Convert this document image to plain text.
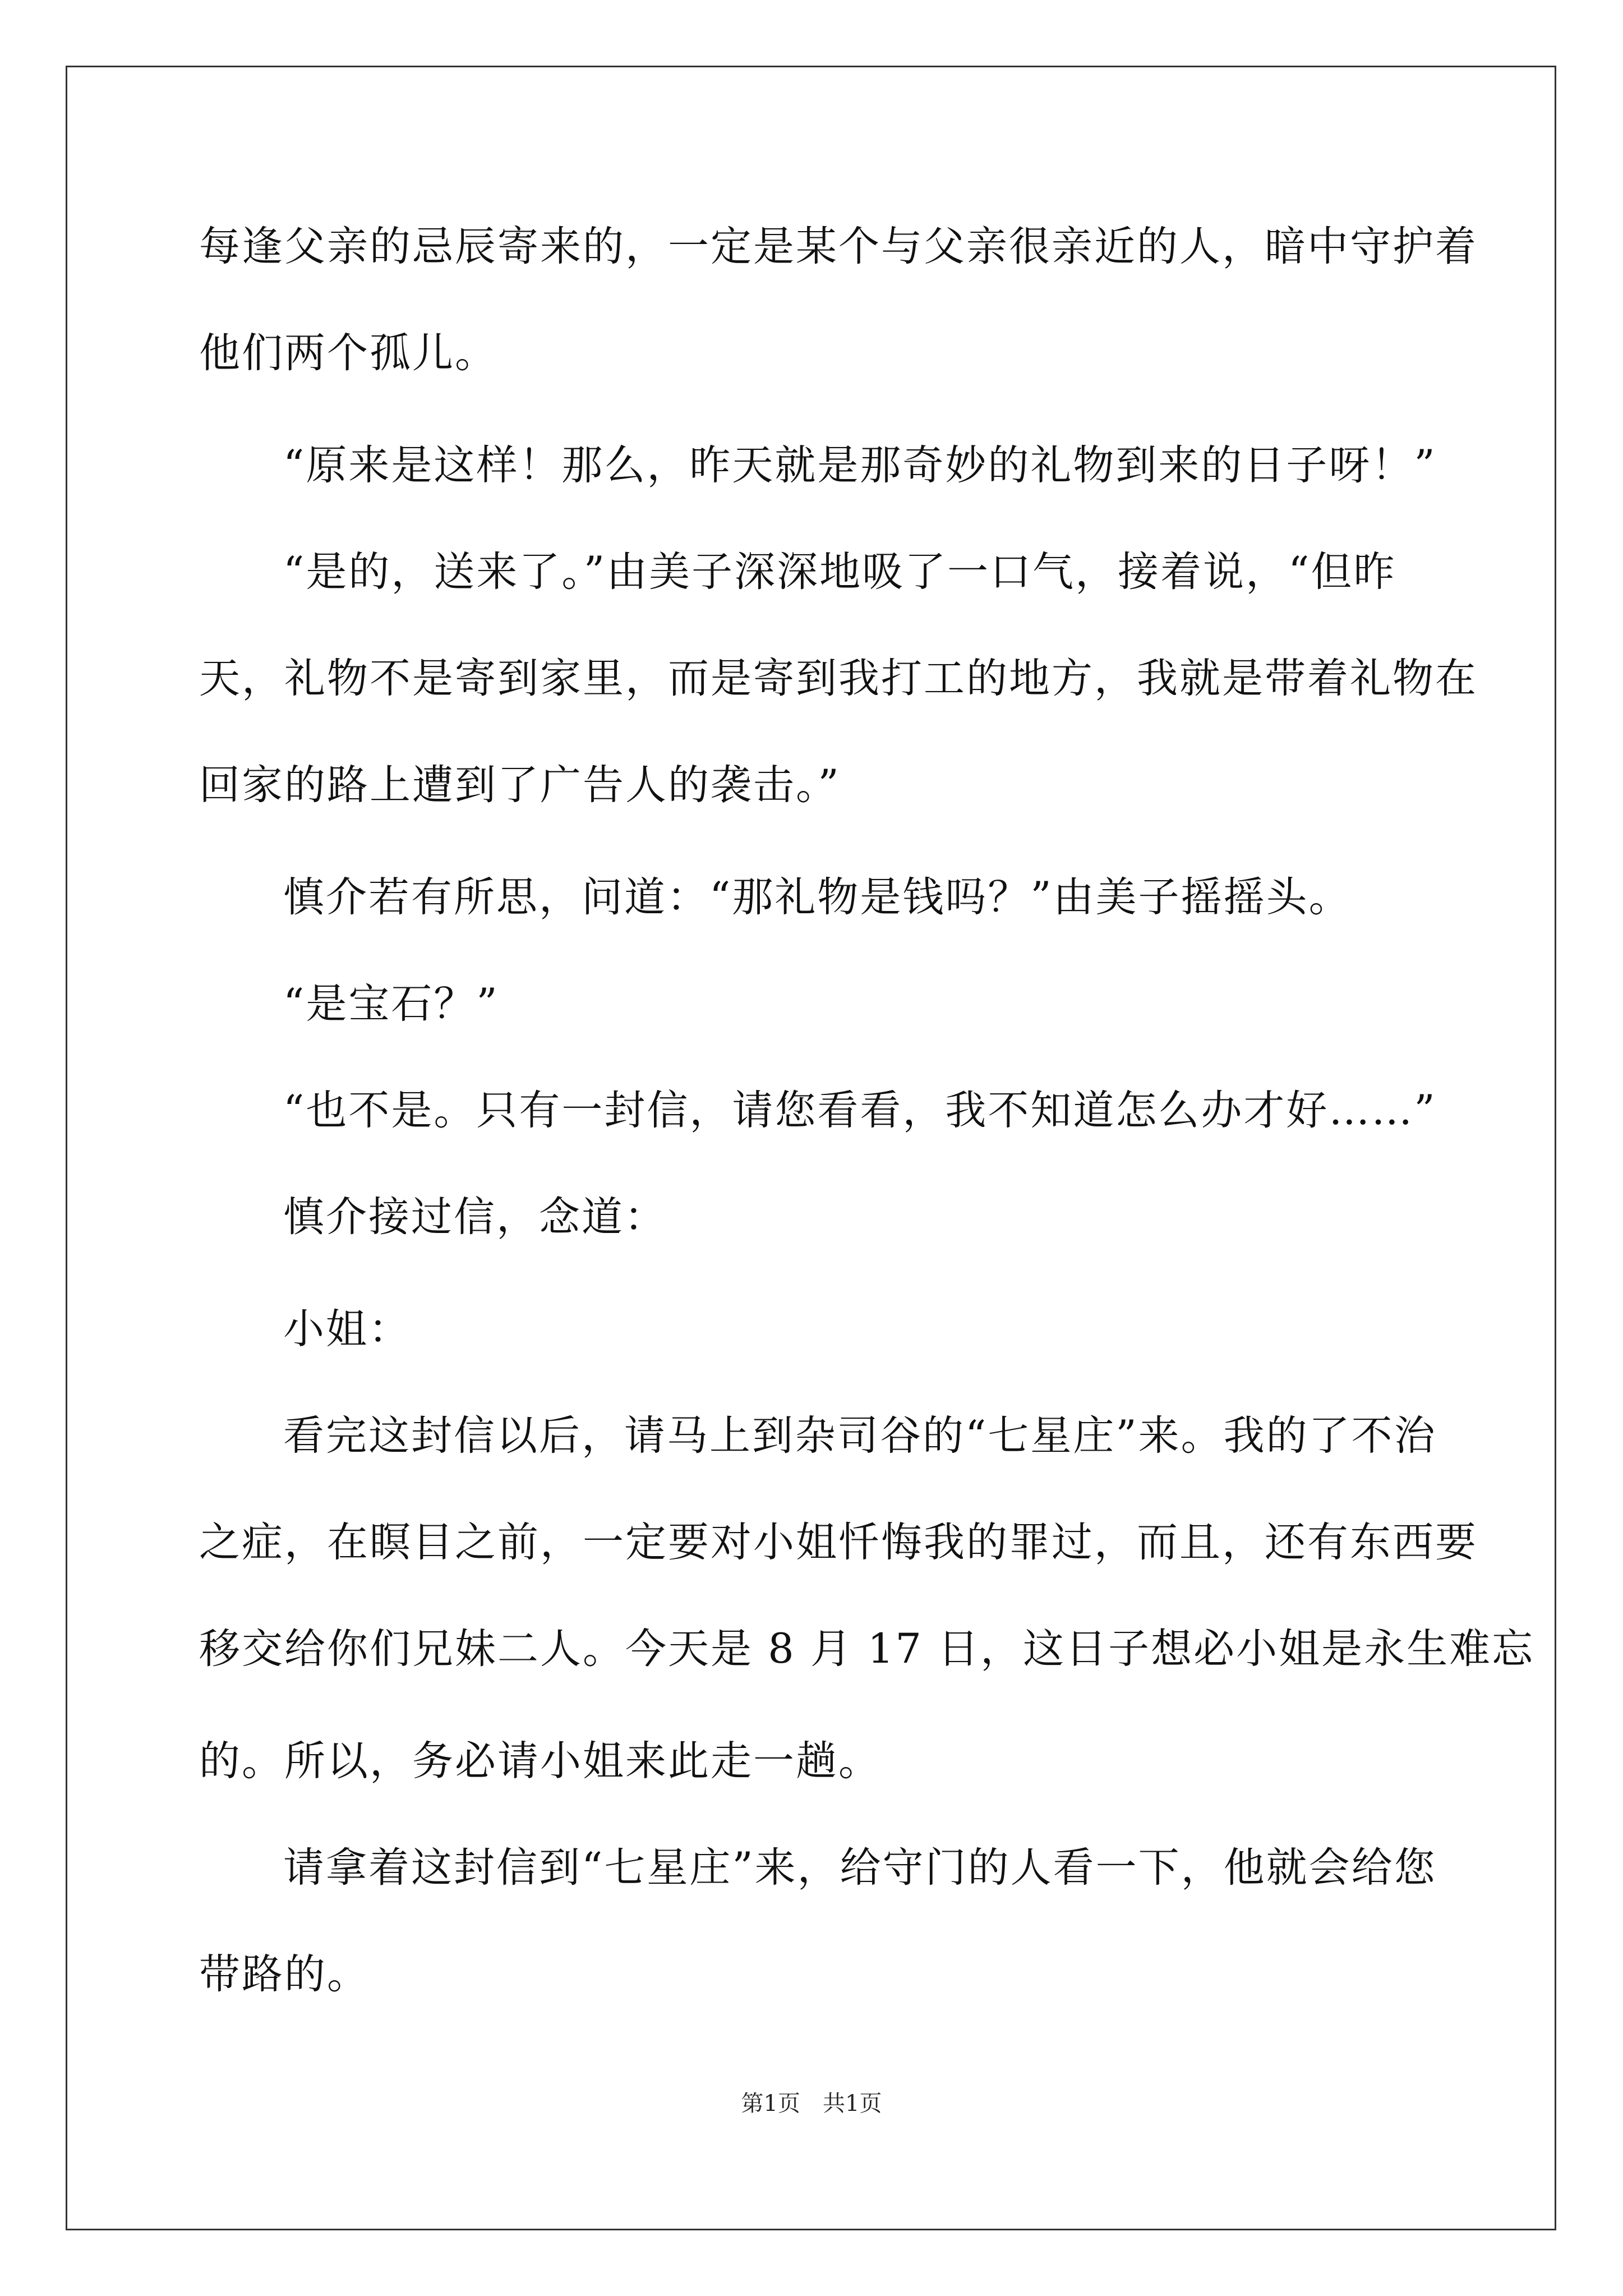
每逢父亲的忌辰寄来的，一定是某个与父亲很亲近的人，暗中守护着
他们两个孤儿。
“原来是这样！那么，昨天就是那奇妙的礼物到来的日子呀！”
“是的，送来了。”由美子深深地吸了一口气，接着说，“但昨
天，礼物不是寄到家里，而是寄到我打工的地方，我就是带着礼物在
回家的路上遭到了广告人的袭击。”
慎介若有所思，问道：“那礼物是钱吗？”由美子摇摇头。
“是宝石？”
“也不是。只有一封信，请您看看，我不知道怎么办才好……”
慎介接过信，念道：
小姐：
看完这封信以后，请马上到杂司谷的“七星庄”来。我的了不治
之症，在瞑目之前，一定要对小姐忏悔我的罪过，而且，还有东西要
移交给你们兄妹二人。今天是 8 月 17 日，这日子想必小姐是永生难忘
的。所以，务必请小姐来此走一趟。
请拿着这封信到“七星庄”来，给守门的人看一下，他就会给您
带路的。
第1页　共1页
